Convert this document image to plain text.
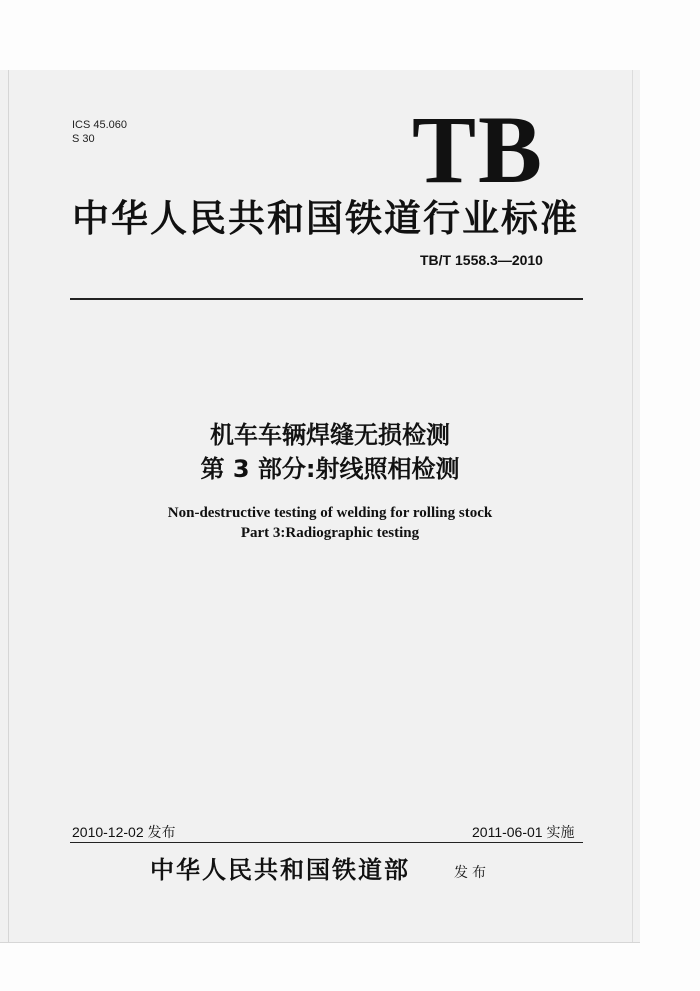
ICS 45.060
S 30	TB
中华人民共和国铁道行业标准
TB/T 1558.3—2010
机车车辆焊缝无损检测
第 3 部分:射线照相检测
Non-destructive testing of welding for rolling stock
Part 3:Radiographic testing
2010-12-02 发布	2011-06-01 实施
中华人民共和国铁道部	发布
